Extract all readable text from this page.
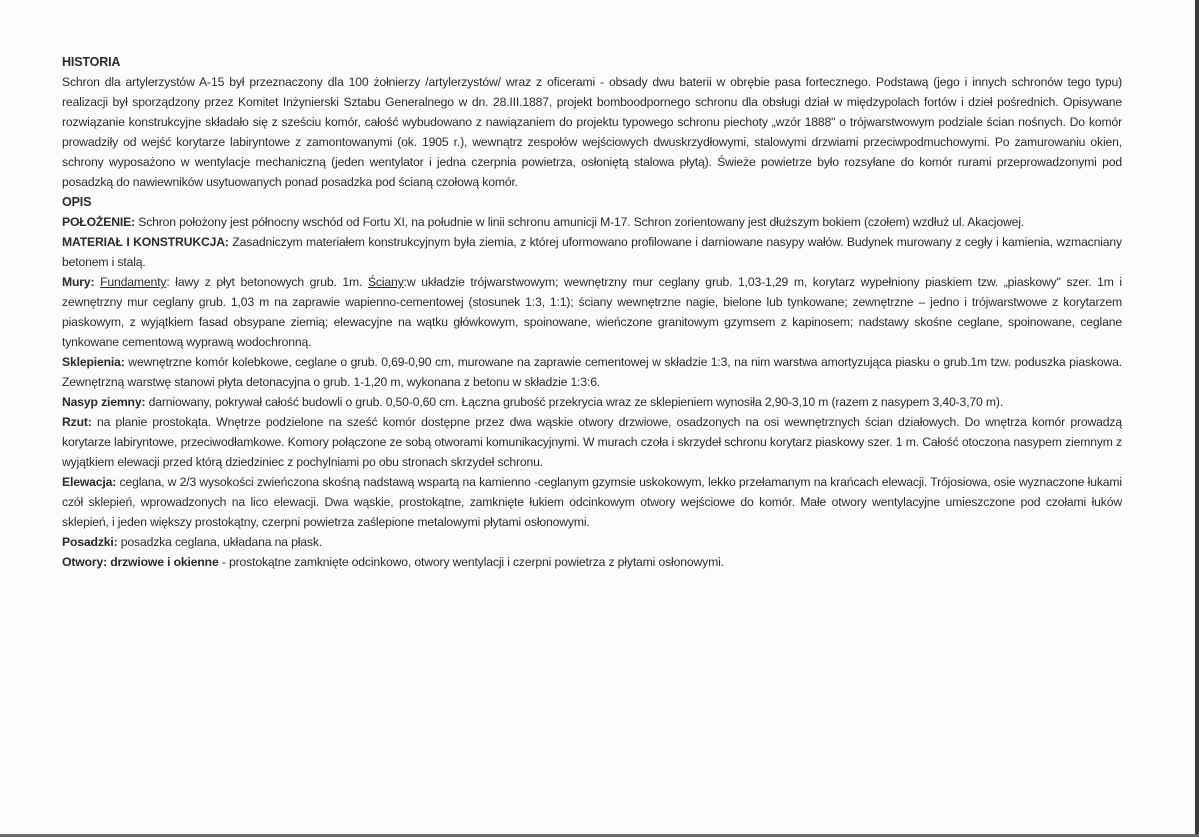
HISTORIA
Schron dla artylerzystów A-15 był przeznaczony dla 100 żołnierzy /artylerzystów/ wraz z oficerami - obsady dwu baterii w obrębie pasa fortecznego. Podstawą (jego i innych schronów tego typu) realizacji był sporządzony przez Komitet Inżynierski Sztabu Generalnego w dn. 28.III.1887, projekt bomboodpornego schronu dla obsługi dział w międzypolach fortów i dzieł pośrednich. Opisywane rozwiązanie konstrukcyjne składało się z sześciu komór, całość wybudowano z nawiązaniem do projektu typowego schronu piechoty „wzór 1888" o trójwarstwowym podziale ścian nośnych. Do komór prowadziły od wejść korytarze labiryntowe z zamontowanymi (ok. 1905 r.), wewnątrz zespołów wejściowych dwuskrzydłowymi, stalowymi drzwiami przeciwpodmuchowymi. Po zamurowaniu okien, schrony wyposażono w wentylacje mechaniczną (jeden wentylator i jedna czerpnia powietrza, osłoniętą stalowa płytą). Świeże powietrze było rozsyłane do komór rurami przeprowadzonymi pod posadzką do nawiewników usytuowanych ponad posadzka pod ścianą czołową komór.
OPIS
POŁOŻENIE: Schron położony jest północny wschód od Fortu XI, na południe w linii schronu amunicji M-17. Schron zorientowany jest dłuższym bokiem (czołem) wzdłuż ul. Akacjowej.
MATERIAŁ I KONSTRUKCJA: Zasadniczym materiałem konstrukcyjnym była ziemia, z której uformowano profilowane i darniowane nasypy wałów. Budynek murowany z cegły i kamienia, wzmacniany betonem i stalą.
Mury: Fundamenty: ławy z płyt betonowych grub. 1m. Ściany:w układzie trójwarstwowym; wewnętrzny mur ceglany grub. 1,03-1,29 m, korytarz wypełniony piaskiem tzw. „piaskowy" szer. 1m i zewnętrzny mur ceglany grub. 1,03 m na zaprawie wapienno-cementowej (stosunek 1:3, 1:1); ściany wewnętrzne nagie, bielone lub tynkowane; zewnętrzne – jedno i trójwarstwowe z korytarzem piaskowym, z wyjątkiem fasad obsypane ziemią; elewacyjne na wątku główkowym, spoinowane, wieńczone granitowym gzymsem z kapinosem; nadstawy skośne ceglane, spoinowane, ceglane tynkowane cementową wyprawą wodochronną.
Sklepienia: wewnętrzne komór kolebkowe, ceglane o grub. 0,69-0,90 cm, murowane na zaprawie cementowej w składzie 1:3, na nim warstwa amortyzująca piasku o grub.1m tzw. poduszka piaskowa. Zewnętrzną warstwę stanowi płyta detonacyjna o grub. 1-1,20 m, wykonana z betonu w składzie 1:3:6.
Nasyp ziemny: darniowany, pokrywał całość budowli o grub. 0,50-0,60 cm. Łączna grubość przekrycia wraz ze sklepieniem wynosiła 2,90-3,10 m (razem z nasypem 3,40-3,70 m).
Rzut: na planie prostokąta. Wnętrze podzielone na sześć komór dostępne przez dwa wąskie otwory drzwiowe, osadzonych na osi wewnętrznych ścian działowych. Do wnętrza komór prowadzą korytarze labiryntowe, przeciwodłamkowe. Komory połączone ze sobą otworami komunikacyjnymi. W murach czoła i skrzydeł schronu korytarz piaskowy szer. 1 m. Całość otoczona nasypem ziemnym z wyjątkiem elewacji przed którą dziedziniec z pochylniami po obu stronach skrzydeł schronu.
Elewacja: ceglana, w 2/3 wysokości zwieńczona skośną nadstawą wspartą na kamienno -ceglanym gzymsie uskokowym, lekko przełamanym na krańcach elewacji. Trójosiowa, osie wyznaczone łukami czół sklepień, wprowadzonych na lico elewacji. Dwa wąskie, prostokątne, zamknięte łukiem odcinkowym otwory wejściowe do komór. Małe otwory wentylacyjne umieszczone pod czołami łuków sklepień, i jeden większy prostokątny, czerpni powietrza zaślepione metalowymi płytami osłonowymi.
Posadzki: posadzka ceglana, układana na płask.
Otwory: drzwiowe i okienne - prostokątne zamknięte odcinkowo, otwory wentylacji i czerpni powietrza z płytami osłonowymi.
